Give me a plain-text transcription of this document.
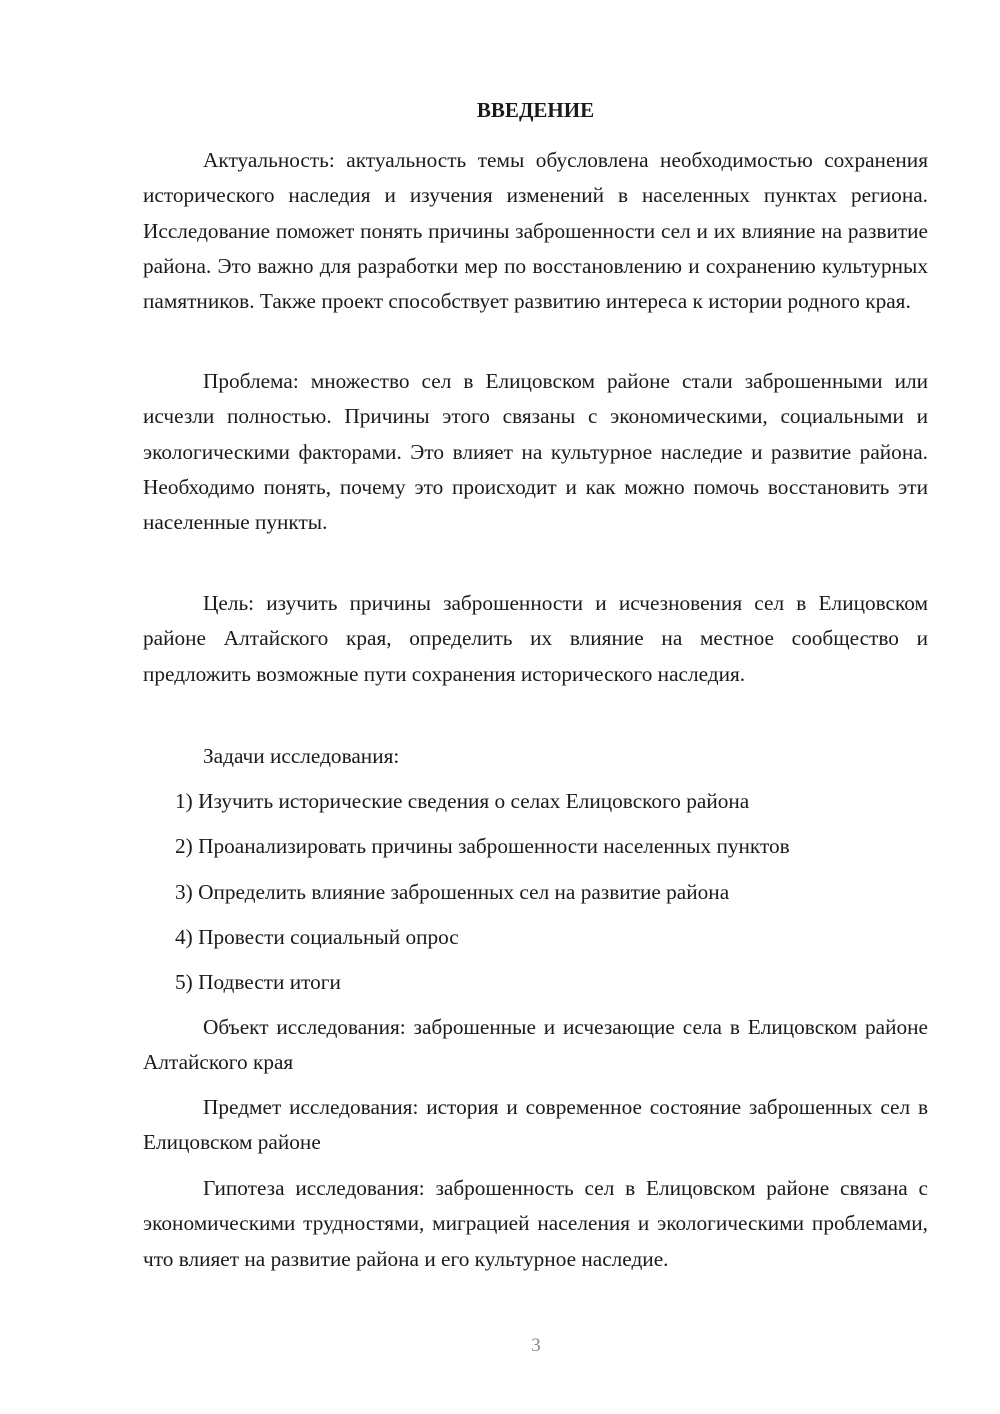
ВВЕДЕНИЕ

Актуальность: актуальность темы обусловлена необходимостью сохранения исторического наследия и изучения изменений в населенных пунктах региона. Исследование поможет понять причины заброшенности сел и их влияние на развитие района. Это важно для разработки мер по восстановлению и сохранению культурных памятников. Также проект способствует развитию интереса к истории родного края.

Проблема: множество сел в Елицовском районе стали заброшенными или исчезли полностью. Причины этого связаны с экономическими, социальными и экологическими факторами. Это влияет на культурное наследие и развитие района. Необходимо понять, почему это происходит и как можно помочь восстановить эти населенные пункты.

Цель: изучить причины заброшенности и исчезновения сел в Елицовском районе Алтайского края, определить их влияние на местное сообщество и предложить возможные пути сохранения исторического наследия.

Задачи исследования:

1) Изучить исторические сведения о селах Елицовского района

2) Проанализировать причины заброшенности населенных пунктов

3) Определить влияние заброшенных сел на развитие района

4) Провести социальный опрос

5) Подвести итоги

Объект исследования: заброшенные и исчезающие села в Елицовском районе Алтайского края

Предмет исследования: история и современное состояние заброшенных сел в Елицовском районе

Гипотеза исследования: заброшенность сел в Елицовском районе связана с экономическими трудностями, миграцией населения и экологическими проблемами, что влияет на развитие района и его культурное наследие.

3
